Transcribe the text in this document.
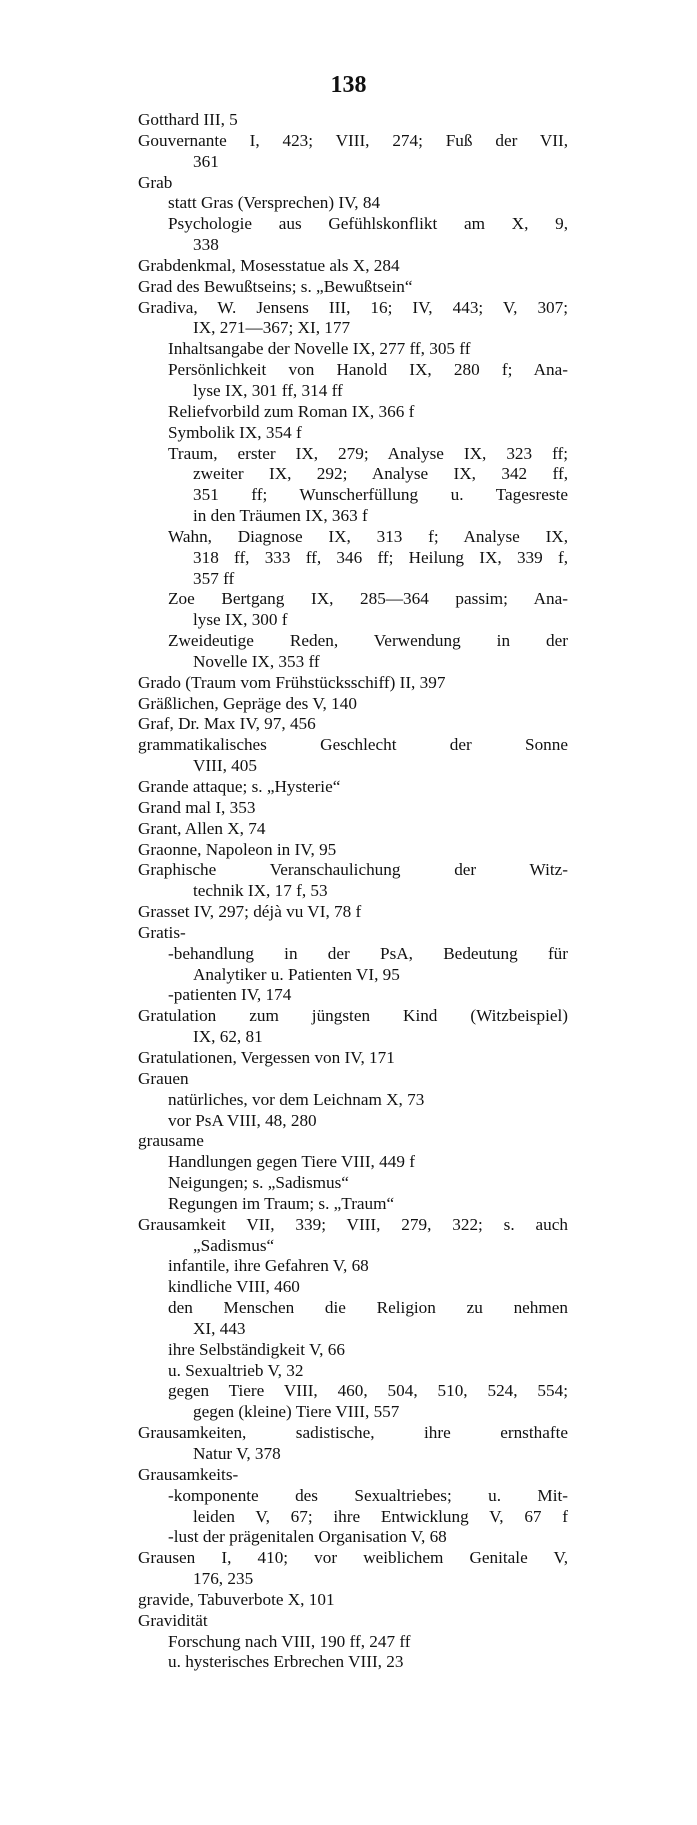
138
Gotthard III, 5
Gouvernante I, 423; VIII, 274; Fuß der VII,
361
Grab
statt Gras (Versprechen) IV, 84
Psychologie aus Gefühlskonflikt am X, 9,
338
Grabdenkmal, Mosesstatue als X, 284
Grad des Bewußtseins; s. „Bewußtsein“
Gradiva, W. Jensens III, 16; IV, 443; V, 307;
IX, 271—367; XI, 177
Inhaltsangabe der Novelle IX, 277 ff, 305 ff
Persönlichkeit von Hanold IX, 280 f; Ana-
lyse IX, 301 ff, 314 ff
Reliefvorbild zum Roman IX, 366 f
Symbolik IX, 354 f
Traum, erster IX, 279; Analyse IX, 323 ff;
zweiter IX, 292; Analyse IX, 342 ff,
351 ff; Wunscherfüllung u. Tagesreste
in den Träumen IX, 363 f
Wahn, Diagnose IX, 313 f; Analyse IX,
318 ff, 333 ff, 346 ff; Heilung IX, 339 f,
357 ff
Zoe Bertgang IX, 285—364 passim; Ana-
lyse IX, 300 f
Zweideutige Reden, Verwendung in der
Novelle IX, 353 ff
Grado (Traum vom Frühstücksschiff) II, 397
Gräßlichen, Gepräge des V, 140
Graf, Dr. Max IV, 97, 456
grammatikalisches Geschlecht der Sonne
VIII, 405
Grande attaque; s. „Hysterie“
Grand mal I, 353
Grant, Allen X, 74
Graonne, Napoleon in IV, 95
Graphische Veranschaulichung der Witz-
technik IX, 17 f, 53
Grasset IV, 297; déjà vu VI, 78 f
Gratis-
-behandlung in der PsA, Bedeutung für
Analytiker u. Patienten VI, 95
-patienten IV, 174
Gratulation zum jüngsten Kind (Witzbeispiel)
IX, 62, 81
Gratulationen, Vergessen von IV, 171
Grauen
natürliches, vor dem Leichnam X, 73
vor PsA VIII, 48, 280
grausame
Handlungen gegen Tiere VIII, 449 f
Neigungen; s. „Sadismus“
Regungen im Traum; s. „Traum“
Grausamkeit VII, 339; VIII, 279, 322; s. auch
„Sadismus“
infantile, ihre Gefahren V, 68
kindliche VIII, 460
den Menschen die Religion zu nehmen
XI, 443
ihre Selbständigkeit V, 66
u. Sexualtrieb V, 32
gegen Tiere VIII, 460, 504, 510, 524, 554;
gegen (kleine) Tiere VIII, 557
Grausamkeiten, sadistische, ihre ernsthafte
Natur V, 378
Grausamkeits-
-komponente des Sexualtriebes; u. Mit-
leiden V, 67; ihre Entwicklung V, 67 f
-lust der prägenitalen Organisation V, 68
Grausen I, 410; vor weiblichem Genitale V,
176, 235
gravide, Tabuverbote X, 101
Gravidität
Forschung nach VIII, 190 ff, 247 ff
u. hysterisches Erbrechen VIII, 23
